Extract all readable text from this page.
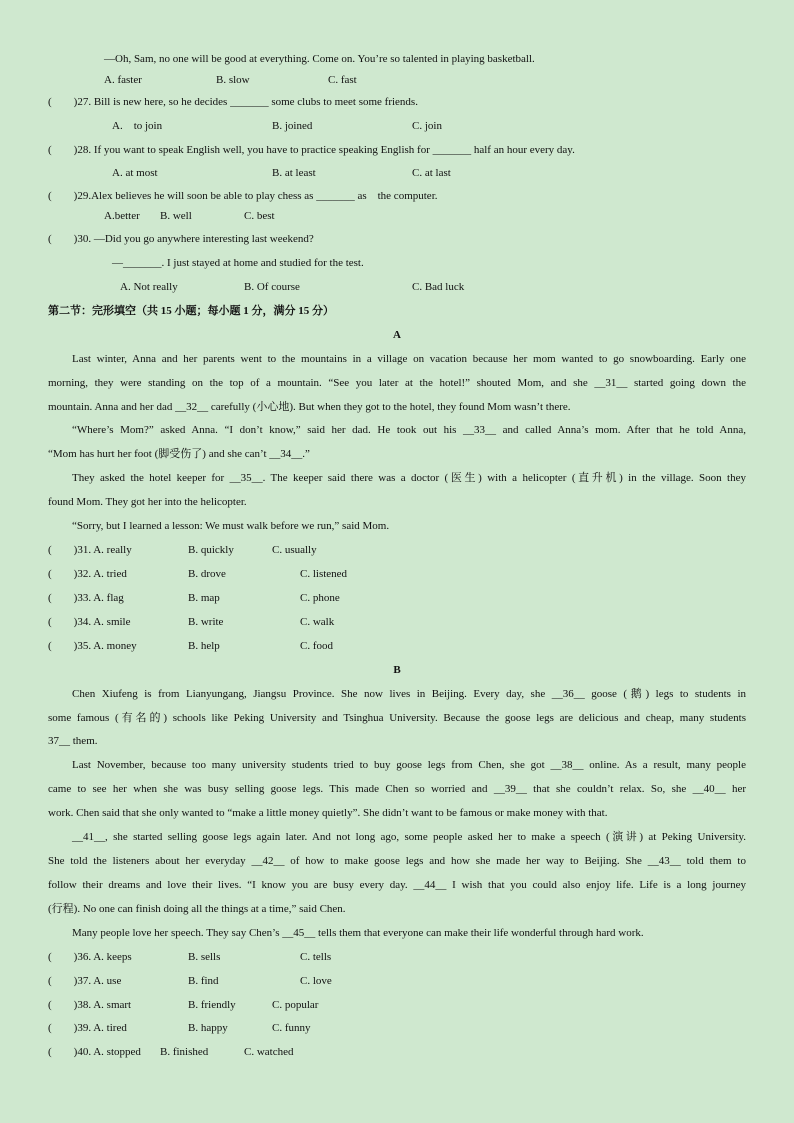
—Oh, Sam, no one will be good at everything. Come on. You’re so talented in playing basketball.
A. faster	B. slow	C. fast
(　　)27. Bill is new here, so he decides _______ some clubs to meet some friends.
A.　to join	B. joined	C. join
(　　)28. If you want to speak English well, you have to practice speaking English for _______ half an hour every day.
A. at most	B. at least	C. at last
(　　)29.Alex believes he will soon be able to play chess as _______ as　the computer.
A.better B. well	C. best
(　　)30. —Did you go anywhere interesting last weekend?
—_______. I just stayed at home and studied for the test.
A. Not really	B. Of course	C. Bad luck
第二节：完形填空（共 15 小题；每小题 1 分，满分 15 分）
A
Last winter, Anna and her parents went to the mountains in a village on vacation because her mom wanted to go snowboarding. Early one
morning, they were standing on the top of a mountain. “See you later at the hotel!” shouted Mom, and she __31__ started going down the
mountain. Anna and her dad __32__ carefully (小心地). But when they got to the hotel, they found Mom wasn’t there.
“Where’s Mom?” asked Anna. “I don’t know,” said her dad. He took out his __33__ and called Anna’s mom. After that he told Anna,
“Mom has hurt her foot (脚受伤了) and she can’t __34__.”
They asked the hotel keeper for __35__. The keeper said there was a doctor (医生) with a helicopter (直升机) in the village. Soon they
found Mom. They got her into the helicopter.
“Sorry, but I learned a lesson: We must walk before we run,” said Mom.
(　　)31. A. really	B. quickly	C. usually
(　　)32. A. tried	B. drove	C. listened
(　　)33. A. flag	B. map	C. phone
(　　)34. A. smile	B. write	C. walk
(　　)35. A. money	B. help	C. food
B
Chen Xiufeng is from Lianyungang, Jiangsu Province. She now lives in Beijing. Every day, she __36__ goose (鹅) legs to students in
some famous (有名的) schools like Peking University and Tsinghua University. Because the goose legs are delicious and cheap, many students
37__ them.
Last November, because too many university students tried to buy goose legs from Chen, she got __38__ online. As a result, many people
came to see her when she was busy selling goose legs. This made Chen so worried and __39__ that she couldn’t relax. So, she __40__ her
work. Chen said that she only wanted to “make a little money quietly”. She didn’t want to be famous or make money with that.
__41__, she started selling goose legs again later. And not long ago, some people asked her to make a speech (演讲) at Peking University.
She told the listeners about her everyday __42__ of how to make goose legs and how she made her way to Beijing. She __43__ told them to
follow their dreams and love their lives. “I know you are busy every day. __44__ I wish that you could also enjoy life. Life is a long journey
(行程). No one can finish doing all the things at a time,” said Chen.
Many people love her speech. They say Chen’s __45__ tells them that everyone can make their life wonderful through hard work.
(　　)36. A. keeps	B. sells	C. tells
(　　)37. A. use	B. find	C. love
(　　)38. A. smart	B. friendly	C. popular
(　　)39. A. tired	B. happy	C. funny
(　　)40. A. stopped B. finished	C. watched
